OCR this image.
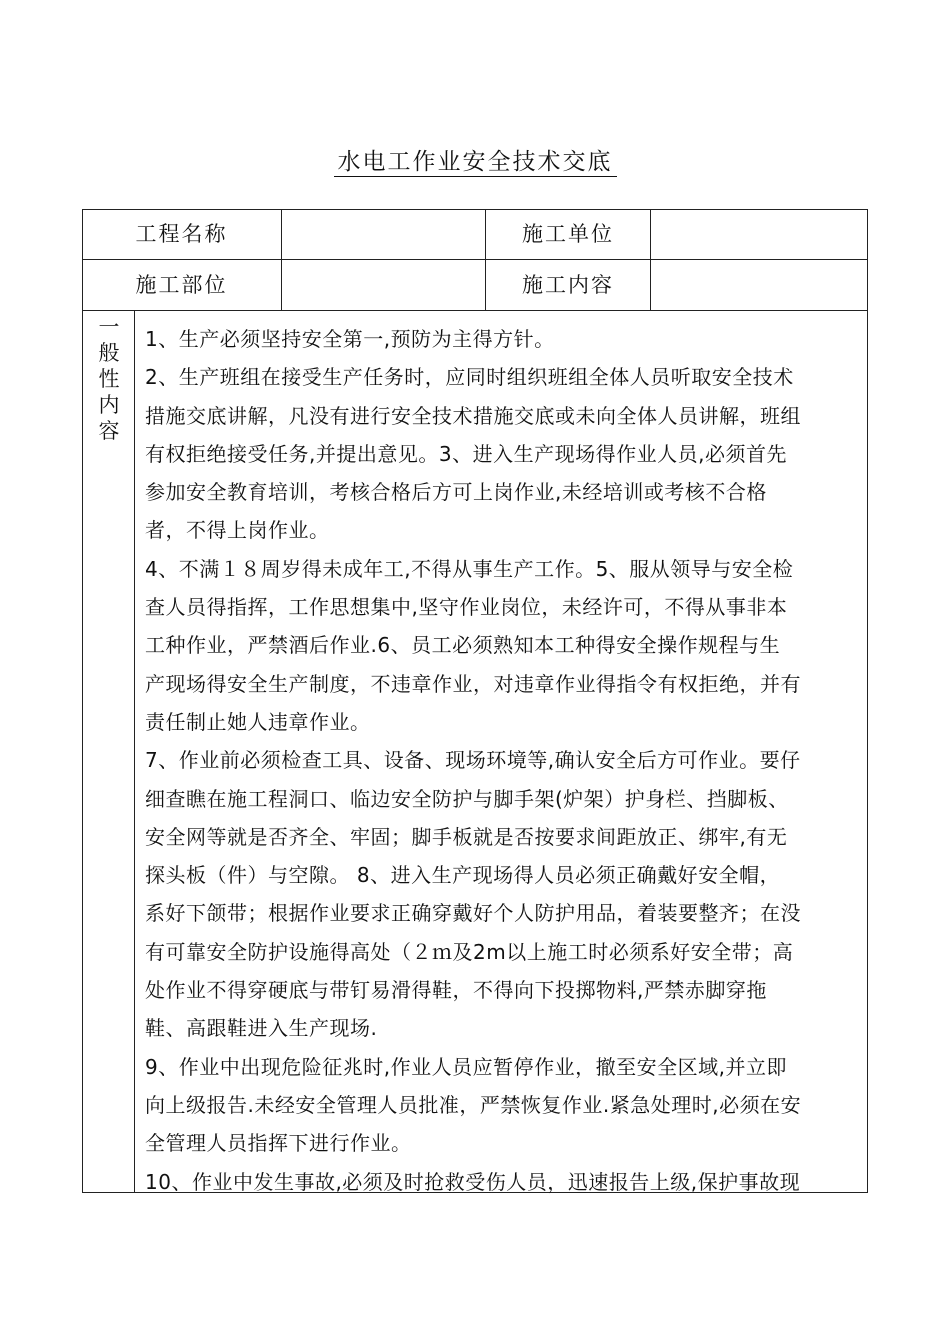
水电工作业安全技术交底
工程名称	施工单位
施工部位	施工内容
一
般
性
内
容

1、生产必须坚持安全第一,预防为主得方针。

2、生产班组在接受生产任务时，应同时组织班组全体人员听取安全技术

措施交底讲解，凡没有进行安全技术措施交底或未向全体人员讲解，班组

有权拒绝接受任务,并提出意见。3、进入生产现场得作业人员,必须首先

参加安全教育培训，考核合格后方可上岗作业,未经培训或考核不合格

者，不得上岗作业。

4、不满１８周岁得未成年工,不得从事生产工作。5、服从领导与安全检

查人员得指挥，工作思想集中,坚守作业岗位，未经许可，不得从事非本

工种作业，严禁酒后作业.6、员工必须熟知本工种得安全操作规程与生

产现场得安全生产制度，不违章作业，对违章作业得指令有权拒绝，并有

责任制止她人违章作业。

7、作业前必须检查工具、设备、现场环境等,确认安全后方可作业。要仔

细查瞧在施工程洞口、临边安全防护与脚手架(炉架）护身栏、挡脚板、

安全网等就是否齐全、牢固；脚手板就是否按要求间距放正、绑牢,有无

探头板（件）与空隙。 8、进入生产现场得人员必须正确戴好安全帽，

系好下颌带；根据作业要求正确穿戴好个人防护用品，着装要整齐；在没

有可靠安全防护设施得高处（２ｍ及2m以上施工时必须系好安全带；高

处作业不得穿硬底与带钉易滑得鞋，不得向下投掷物料,严禁赤脚穿拖

鞋、高跟鞋进入生产现场.

9、作业中出现危险征兆时,作业人员应暂停作业，撤至安全区域,并立即

向上级报告.未经安全管理人员批准，严禁恢复作业.紧急处理时,必须在安

全管理人员指挥下进行作业。

10、作业中发生事故,必须及时抢救受伤人员，迅速报告上级,保护事故现
